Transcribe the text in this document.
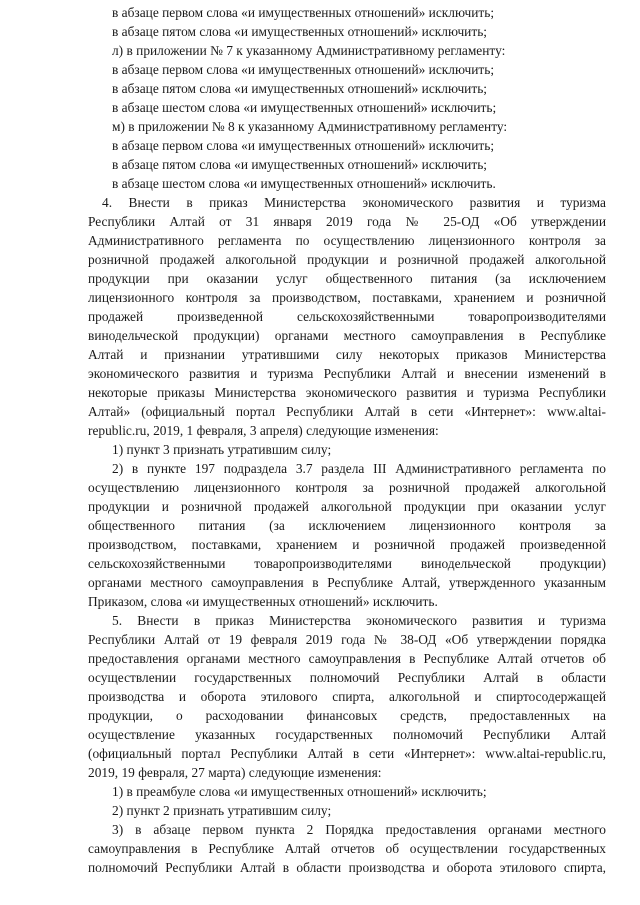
в абзаце первом слова «и имущественных отношений» исключить;
в абзаце пятом слова «и имущественных отношений» исключить;
л) в приложении № 7 к указанному Административному регламенту:
в абзаце первом слова «и имущественных отношений» исключить;
в абзаце пятом слова «и имущественных отношений» исключить;
в абзаце шестом слова «и имущественных отношений» исключить;
м) в приложении № 8 к указанному Административному регламенту:
в абзаце первом слова «и имущественных отношений» исключить;
в абзаце пятом слова «и имущественных отношений» исключить;
в абзаце шестом слова «и имущественных отношений» исключить.
4. Внести в приказ Министерства экономического развития и туризма
Республики Алтай от 31 января 2019 года № 25-ОД «Об утверждении
Административного регламента по осуществлению лицензионного контроля за
розничной продажей алкогольной продукции и розничной продажей алкогольной
продукции при оказании услуг общественного питания (за исключением
лицензионного контроля за производством, поставками, хранением и розничной
продажей произведенной сельскохозяйственными товаропроизводителями
винодельческой продукции) органами местного самоуправления в Республике
Алтай и признании утратившими силу некоторых приказов Министерства
экономического развития и туризма Республики Алтай и внесении изменений в
некоторые приказы Министерства экономического развития и туризма Республики
Алтай» (официальный портал Республики Алтай в сети «Интернет»: www.altai-
republic.ru, 2019, 1 февраля, 3 апреля) следующие изменения:
1) пункт 3 признать утратившим силу;
2) в пункте 197 подраздела 3.7 раздела III Административного регламента по
осуществлению лицензионного контроля за розничной продажей алкогольной
продукции и розничной продажей алкогольной продукции при оказании услуг
общественного питания (за исключением лицензионного контроля за
производством, поставками, хранением и розничной продажей произведенной
сельскохозяйственными товаропроизводителями винодельческой продукции)
органами местного самоуправления в Республике Алтай, утвержденного указанным
Приказом, слова «и имущественных отношений» исключить.
5. Внести в приказ Министерства экономического развития и туризма
Республики Алтай от 19 февраля 2019 года № 38-ОД «Об утверждении порядка
предоставления органами местного самоуправления в Республике Алтай отчетов об
осуществлении государственных полномочий Республики Алтай в области
производства и оборота этилового спирта, алкогольной и спиртосодержащей
продукции, о расходовании финансовых средств, предоставленных на
осуществление указанных государственных полномочий Республики Алтай
(официальный портал Республики Алтай в сети «Интернет»: www.altai-republic.ru,
2019, 19 февраля, 27 марта) следующие изменения:
1) в преамбуле слова «и имущественных отношений» исключить;
2) пункт 2 признать утратившим силу;
3) в абзаце первом пункта 2 Порядка предоставления органами местного
самоуправления в Республике Алтай отчетов об осуществлении государственных
полномочий Республики Алтай в области производства и оборота этилового спирта,
